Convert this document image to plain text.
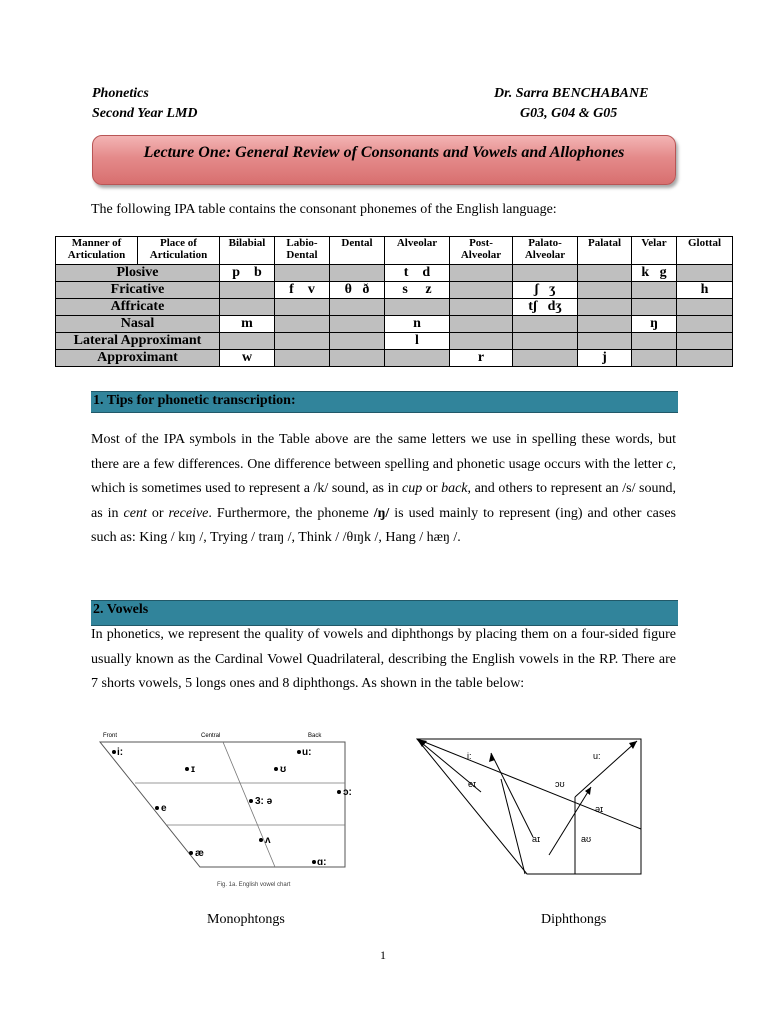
Phonetics
Second Year LMD
Dr. Sarra BENCHABANE
G03, G04 & G05
Lecture One: General Review of Consonants and Vowels and Allophones
The following IPA table contains the consonant phonemes of the English language:
Manner of Articulation	Place of Articulation	Bilabial	Labio-Dental	Dental	Alveolar	Post-Alveolar	Palato-Alveolar	Palatal	Velar	Glottal
Plosive		p    b			t    d				k   g	
Fricative			f    v	θ   ð	s     z		ʃ   ʒ			h
Affricate							tʃ   dʒ			
Nasal		m			n				ŋ	
Lateral Approximant					l					
Approximant		w				r		j		
1. Tips for phonetic transcription:
Most of the IPA symbols in the Table above are the same letters we use in spelling these words, but there are a few differences. One difference between spelling and phonetic usage occurs with the letter c, which is sometimes used to represent a /k/ sound, as in cup or back, and others to represent an /s/ sound, as in cent or receive. Furthermore, the phoneme /ŋ/ is used mainly to represent (ing) and other cases such as: King / kɪŋ /, Trying / traɪŋ /, Think / /θɪŋk /, Hang / hæŋ /.
2. Vowels
In phonetics, we represent the quality of vowels and diphthongs by placing them on a four-sided figure usually known as the Cardinal Vowel Quadrilateral, describing the English vowels in the RP. There are 7 shorts vowels, 5 longs ones and 8 diphthongs. As shown in the table below:
Front	Central	Back
i:
ɪ	ʊ
u:
e
3: ə
ɔ:
ʌ
æ
ɑ:
Fig. 1a. English vowel chart
i:	u:
eɪ	ɔʊ
əɪ
aɪ	aʊ
Monophtongs	Diphthongs
1
